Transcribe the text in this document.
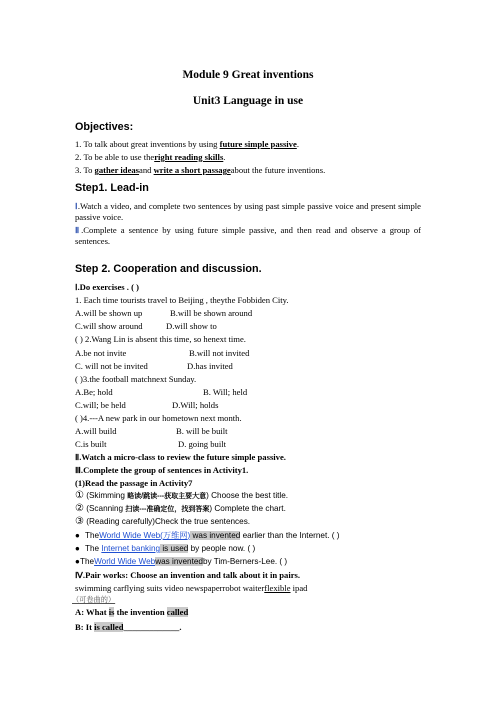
Module 9 Great inventions
Unit3 Language in use
Objectives:
1. To talk about great inventions by using future simple passive.
2. To be able to use theright reading skills.
3. To gather ideasand write a short passageabout the future inventions.
Step1. Lead-in
Ⅰ.Watch a video, and complete two sentences by using past simple passive voice and present simple passive voice.
Ⅱ.Complete a sentence by using future simple passive, and then read and observe a group of sentences.
Step 2. Cooperation and discussion.
Ⅰ.Do exercises . ( )
1. Each time tourists travel to Beijing , theythe Fobbiden City.
A.will be shown up	B.will be shown around
C.will show around	D.will show to
( ) 2.Wang Lin is absent this time, so henext time.
A.be not invite	B.will not invited
C. will not be invited	D.has invited
( )3.the football matchnext Sunday.
A.Be; hold	B. Will; held
C.will; be held	D.Will; holds
( )4.---A new park in our hometown next month.
A.will build	B. will be built
C.is built	D. going built
Ⅱ.Watch a micro-class to review the future simple passive.
Ⅲ.Complete the group of sentences in Activity1.
(1)Read the passage in Activity7
① (Skimming 略读/跳读---获取主要大意) Choose the best title.
② (Scanning 扫读---准确定位，找到答案) Complete the chart.
③ (Reading carefully)Check the true sentences.
● TheWorld Wide Web(万维网) was invented earlier than the Internet. ( )
● The Internet banking is used by people now. ( )
●TheWorld Wide Webwas inventedby Tim-Berners-Lee. ( )
Ⅳ.Pair works: Choose an invention and talk about it in pairs.
swimming carflying suits video newspaperrobot waiterflexible ipad
（可卷曲的）
A: What is the invention called
B: It is called_____________.
